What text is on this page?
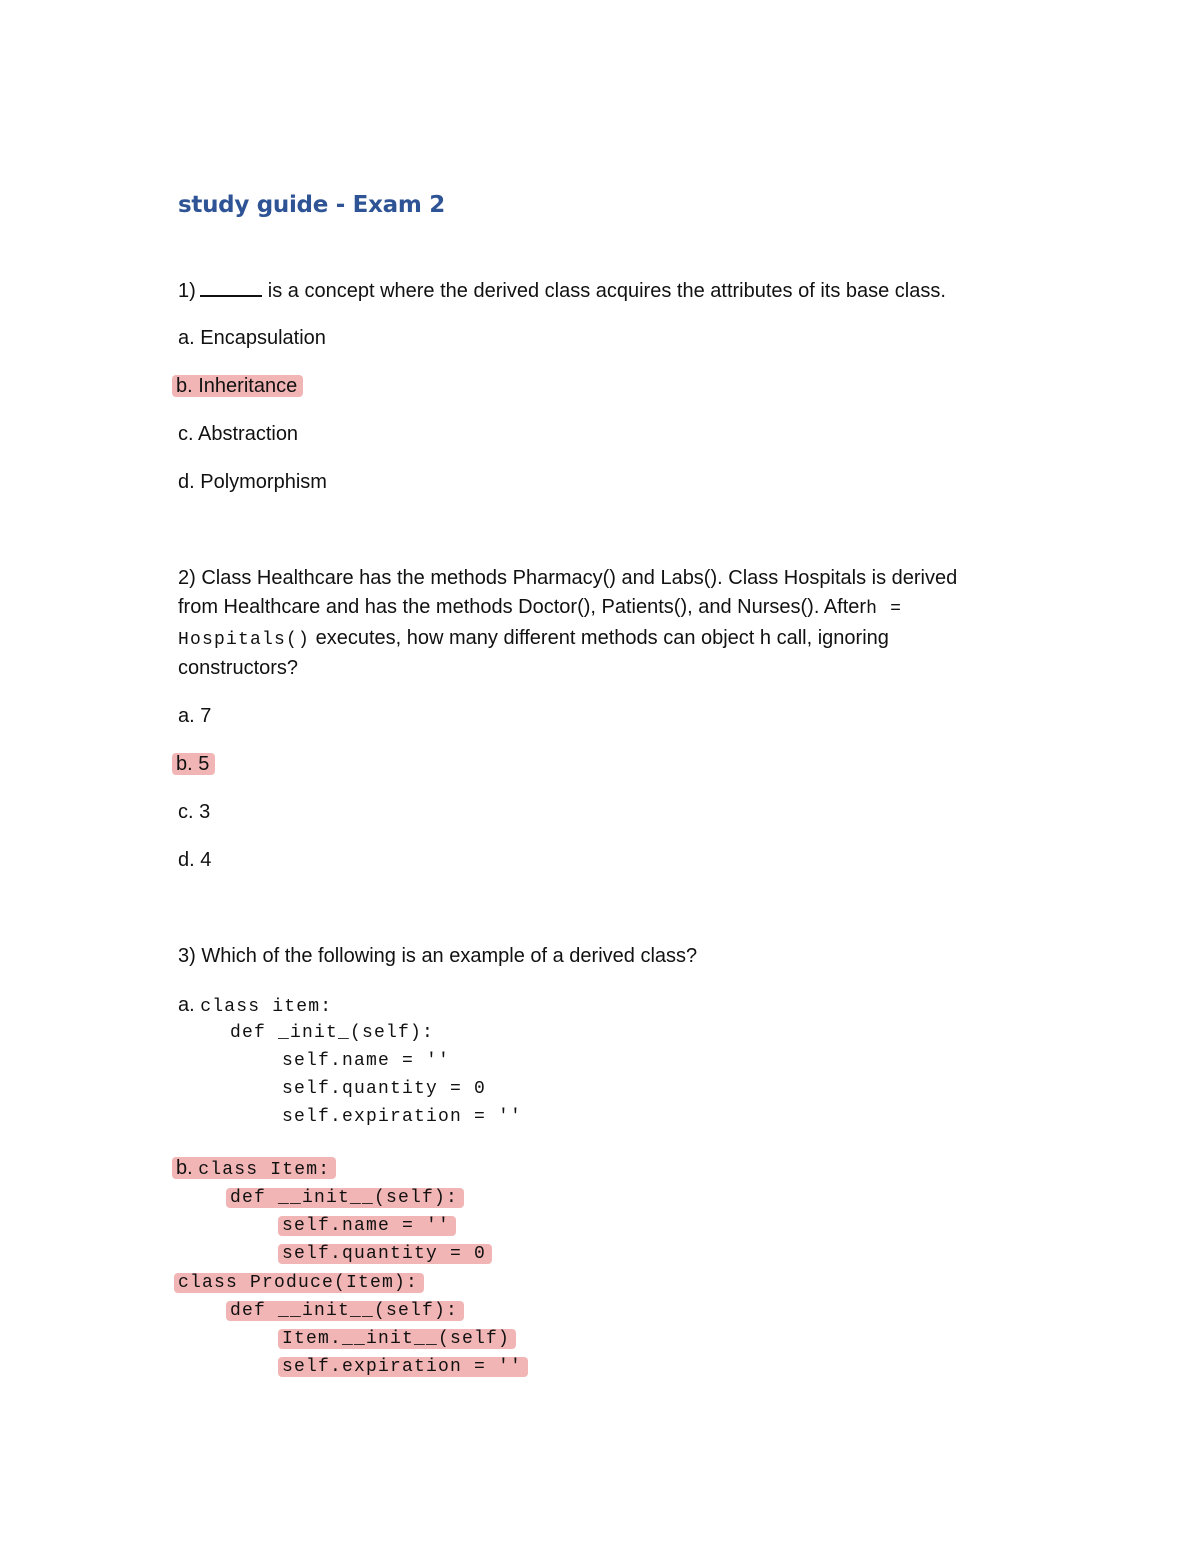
study guide - Exam 2
1)	is a concept where the derived class acquires the attributes of its base class.
a. Encapsulation
b. Inheritance
c. Abstraction
d. Polymorphism
2) Class Healthcare has the methods Pharmacy() and Labs(). Class Hospitals is derived
from Healthcare and has the methods Doctor(), Patients(), and Nurses(). Afterh =
Hospitals() executes, how many different methods can object h call, ignoring
constructors?
a. 7
b. 5
c. 3
d. 4
3) Which of the following is an example of a derived class?
a. class item:
def _init_(self):
self.name = ''
self.quantity = 0
self.expiration = ''
b. class Item:
def __init__(self):
self.name = ''
self.quantity = 0
class Produce(Item):
def __init__(self):
Item.__init__(self)
self.expiration = ''
